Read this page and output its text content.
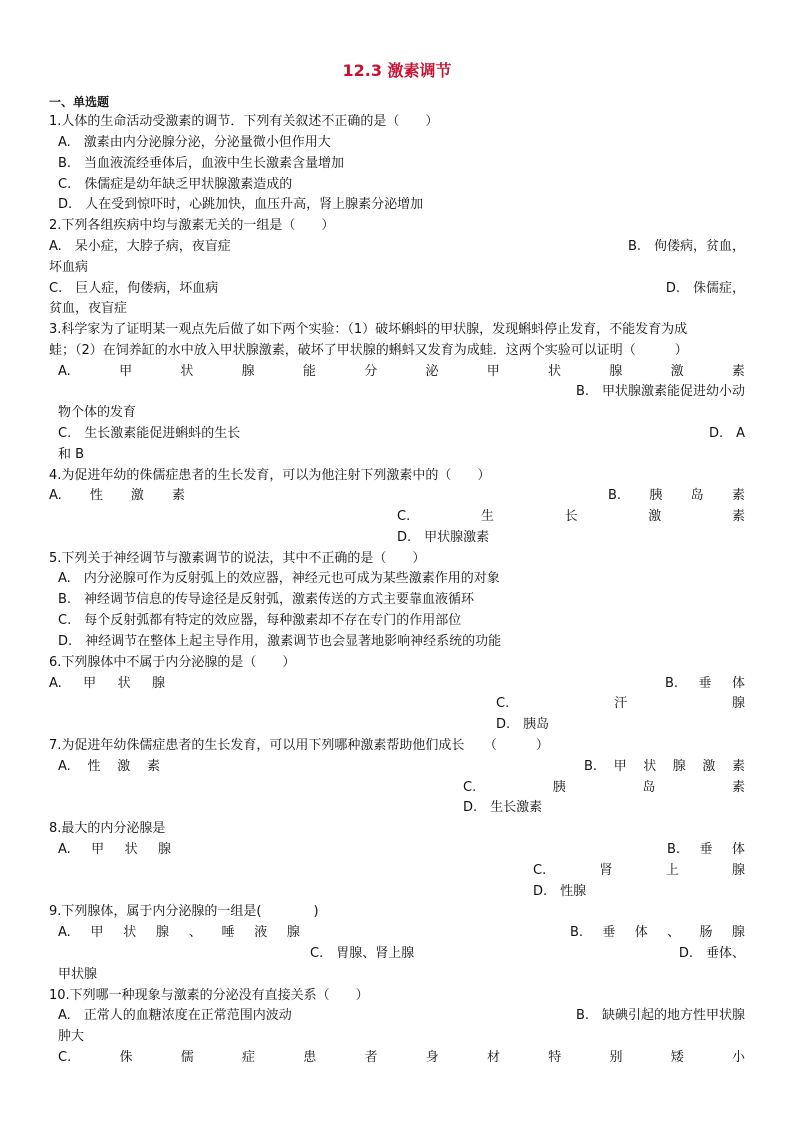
12.3 激素调节
一、单选题
1.人体的生命活动受激素的调节．下列有关叙述不正确的是（　　）
A.　激素由内分泌腺分泌，分泌量微小但作用大
B.　当血液流经垂体后，血液中生长激素含量增加
C.　侏儒症是幼年缺乏甲状腺激素造成的
D.　人在受到惊吓时，心跳加快，血压升高，肾上腺素分泌增加
2.下列各组疾病中均与激素无关的一组是（　　）
A.　呆小症，大脖子病，夜盲症	B.　佝偻病，贫血，
坏血病
C.　巨人症，佝偻病，坏血病	D.　侏儒症，
贫血，夜盲症
3.科学家为了证明某一观点先后做了如下两个实验：（1）破坏蝌蚪的甲状腺，发现蝌蚪停止发育，不能发育为成
蛙；（2）在饲养缸的水中放入甲状腺激素，破坏了甲状腺的蝌蚪又发育为成蛙．这两个实验可以证明（　　　）
A.	甲	状	腺	能	分	泌	甲	状	腺	激	素
B.　甲状腺激素能促进幼小动
物个体的发育
C.　生长激素能促进蝌蚪的生长	D.　A
和 B
4.为促进年幼的侏儒症患者的生长发育，可以为他注射下列激素中的（　　）
A. 性 激 素	B. 胰 岛 素
C.	生	长	激	素
D.　甲状腺激素
5.下列关于神经调节与激素调节的说法，其中不正确的是（　　）
A.　内分泌腺可作为反射弧上的效应器，神经元也可成为某些激素作用的对象
B.　神经调节信息的传导途径是反射弧，激素传送的方式主要靠血液循环
C.　每个反射弧都有特定的效应器，每种激素却不存在专门的作用部位
D.　神经调节在整体上起主导作用，激素调节也会显著地影响神经系统的功能
6.下列腺体中不属于内分泌腺的是（　　）
A. 甲 状 腺	B. 垂 体
C.	汗	腺
D.　胰岛
7.为促进年幼侏儒症患者的生长发育，可以用下列哪种激素帮助他们成长　　（　　　）
A. 性 激 素	B. 甲 状 腺 激 素
C.	胰	岛	素
D.　生长激素
8.最大的内分泌腺是
A. 甲 状 腺	B. 垂 体
C.	肾	上	腺
D.　性腺
9.下列腺体，属于内分泌腺的一组是(　　　　)
A. 甲 状 腺 、 唾 液 腺	B. 垂 体 、 肠 腺
C.　胃腺、肾上腺	D.　垂体、
甲状腺
10.下列哪一种现象与激素的分泌没有直接关系（　　）
A.　正常人的血糖浓度在正常范围内波动	B.　缺碘引起的地方性甲状腺
肿大
C.	侏	儒	症	患	者	身	材	特	别	矮	小
